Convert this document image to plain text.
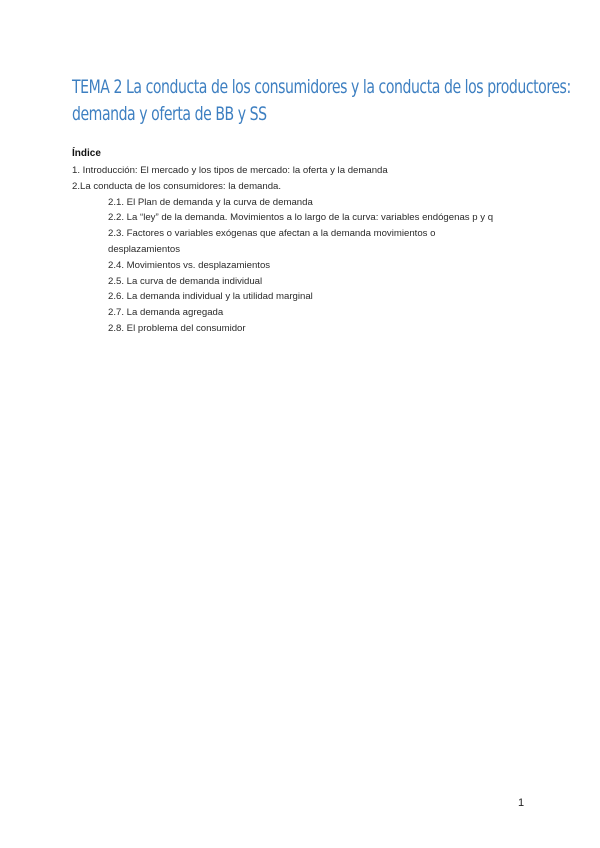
TEMA 2 La conducta de los consumidores y la conducta de los productores:
demanda y oferta de BB y SS

Índice

1. Introducción: El mercado y los tipos de mercado: la oferta y la demanda
2.La conducta de los consumidores: la demanda.
2.1. El Plan de demanda y la curva de demanda
2.2. La “ley” de la demanda. Movimientos a lo largo de la curva: variables endógenas p y q
2.3. Factores o variables exógenas que afectan a la demanda movimientos o
desplazamientos
2.4. Movimientos vs. desplazamientos
2.5. La curva de demanda individual
2.6. La demanda individual y la utilidad marginal
2.7. La demanda agregada
2.8. El problema del consumidor
1
